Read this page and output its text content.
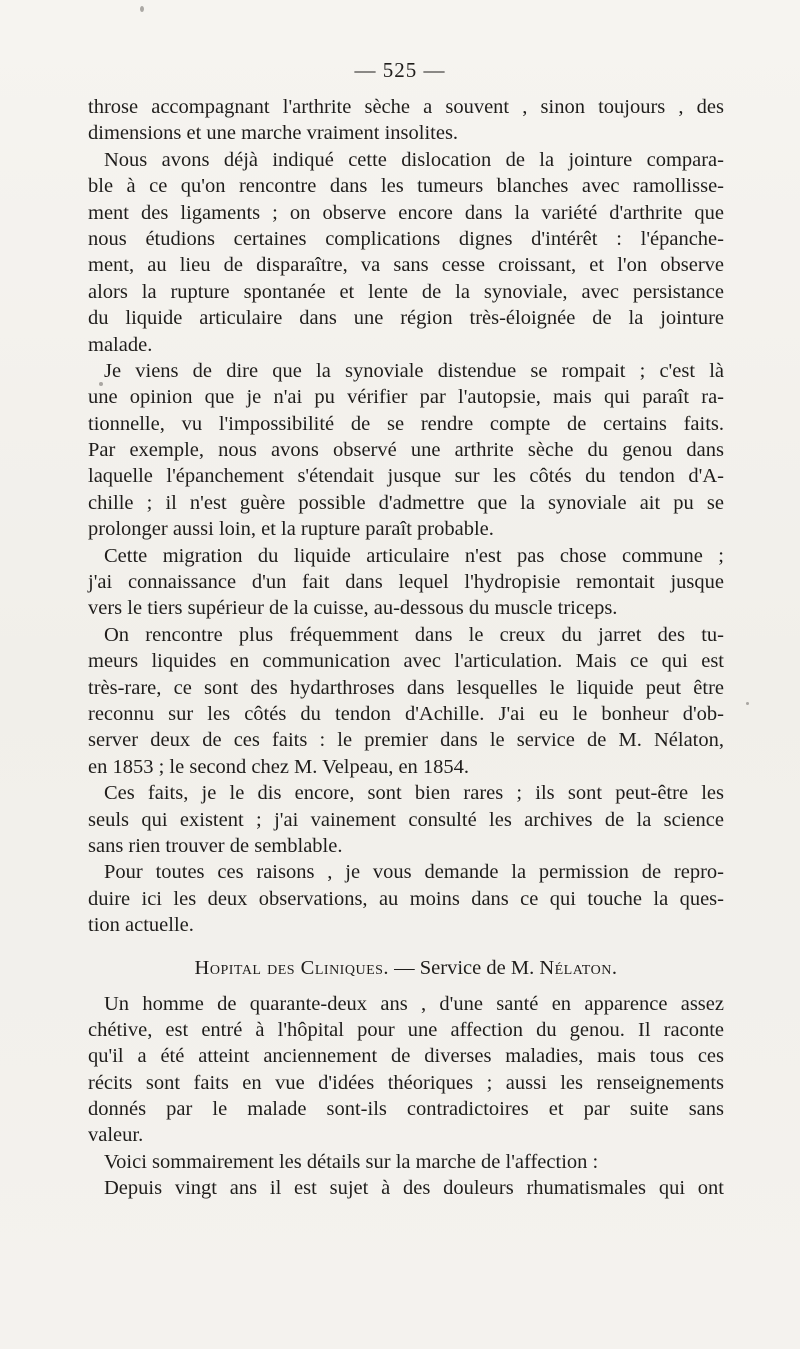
— 525 —
throse accompagnant l'arthrite sèche a souvent , sinon toujours , des
dimensions et une marche vraiment insolites.
Nous avons déjà indiqué cette dislocation de la jointure compara-
ble à ce qu'on rencontre dans les tumeurs blanches avec ramollisse-
ment des ligaments ; on observe encore dans la variété d'arthrite que
nous étudions certaines complications dignes d'intérêt : l'épanche-
ment, au lieu de disparaître, va sans cesse croissant, et l'on observe
alors la rupture spontanée et lente de la synoviale, avec persistance
du liquide articulaire dans une région très-éloignée de la jointure
malade.
Je viens de dire que la synoviale distendue se rompait ; c'est là
une opinion que je n'ai pu vérifier par l'autopsie, mais qui paraît ra-
tionnelle, vu l'impossibilité de se rendre compte de certains faits.
Par exemple, nous avons observé une arthrite sèche du genou dans
laquelle l'épanchement s'étendait jusque sur les côtés du tendon d'A-
chille ; il n'est guère possible d'admettre que la synoviale ait pu se
prolonger aussi loin, et la rupture paraît probable.
Cette migration du liquide articulaire n'est pas chose commune ;
j'ai connaissance d'un fait dans lequel l'hydropisie remontait jusque
vers le tiers supérieur de la cuisse, au-dessous du muscle triceps.
On rencontre plus fréquemment dans le creux du jarret des tu-
meurs liquides en communication avec l'articulation. Mais ce qui est
très-rare, ce sont des hydarthroses dans lesquelles le liquide peut être
reconnu sur les côtés du tendon d'Achille. J'ai eu le bonheur d'ob-
server deux de ces faits : le premier dans le service de M. Nélaton,
en 1853 ; le second chez M. Velpeau, en 1854.
Ces faits, je le dis encore, sont bien rares ; ils sont peut-être les
seuls qui existent ; j'ai vainement consulté les archives de la science
sans rien trouver de semblable.
Pour toutes ces raisons , je vous demande la permission de repro-
duire ici les deux observations, au moins dans ce qui touche la ques-
tion actuelle.
Hopital des Cliniques. — Service de M. Nélaton.
Un homme de quarante-deux ans , d'une santé en apparence assez
chétive, est entré à l'hôpital pour une affection du genou. Il raconte
qu'il a été atteint anciennement de diverses maladies, mais tous ces
récits sont faits en vue d'idées théoriques ; aussi les renseignements
donnés par le malade sont-ils contradictoires et par suite sans
valeur.
Voici sommairement les détails sur la marche de l'affection :
Depuis vingt ans il est sujet à des douleurs rhumatismales qui ont
